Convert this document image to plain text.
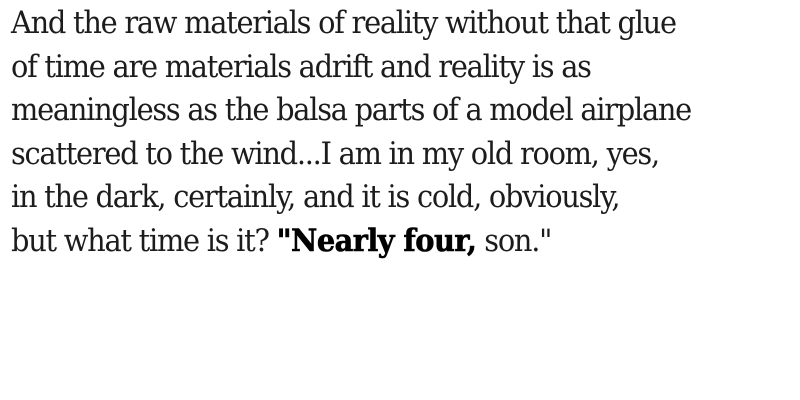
And the raw materials of reality without that glue
of time are materials adrift and reality is as
meaningless as the balsa parts of a model airplane
scattered to the wind...I am in my old room, yes,
in the dark, certainly, and it is cold, obviously,
but what time is it? "Nearly four, son."
